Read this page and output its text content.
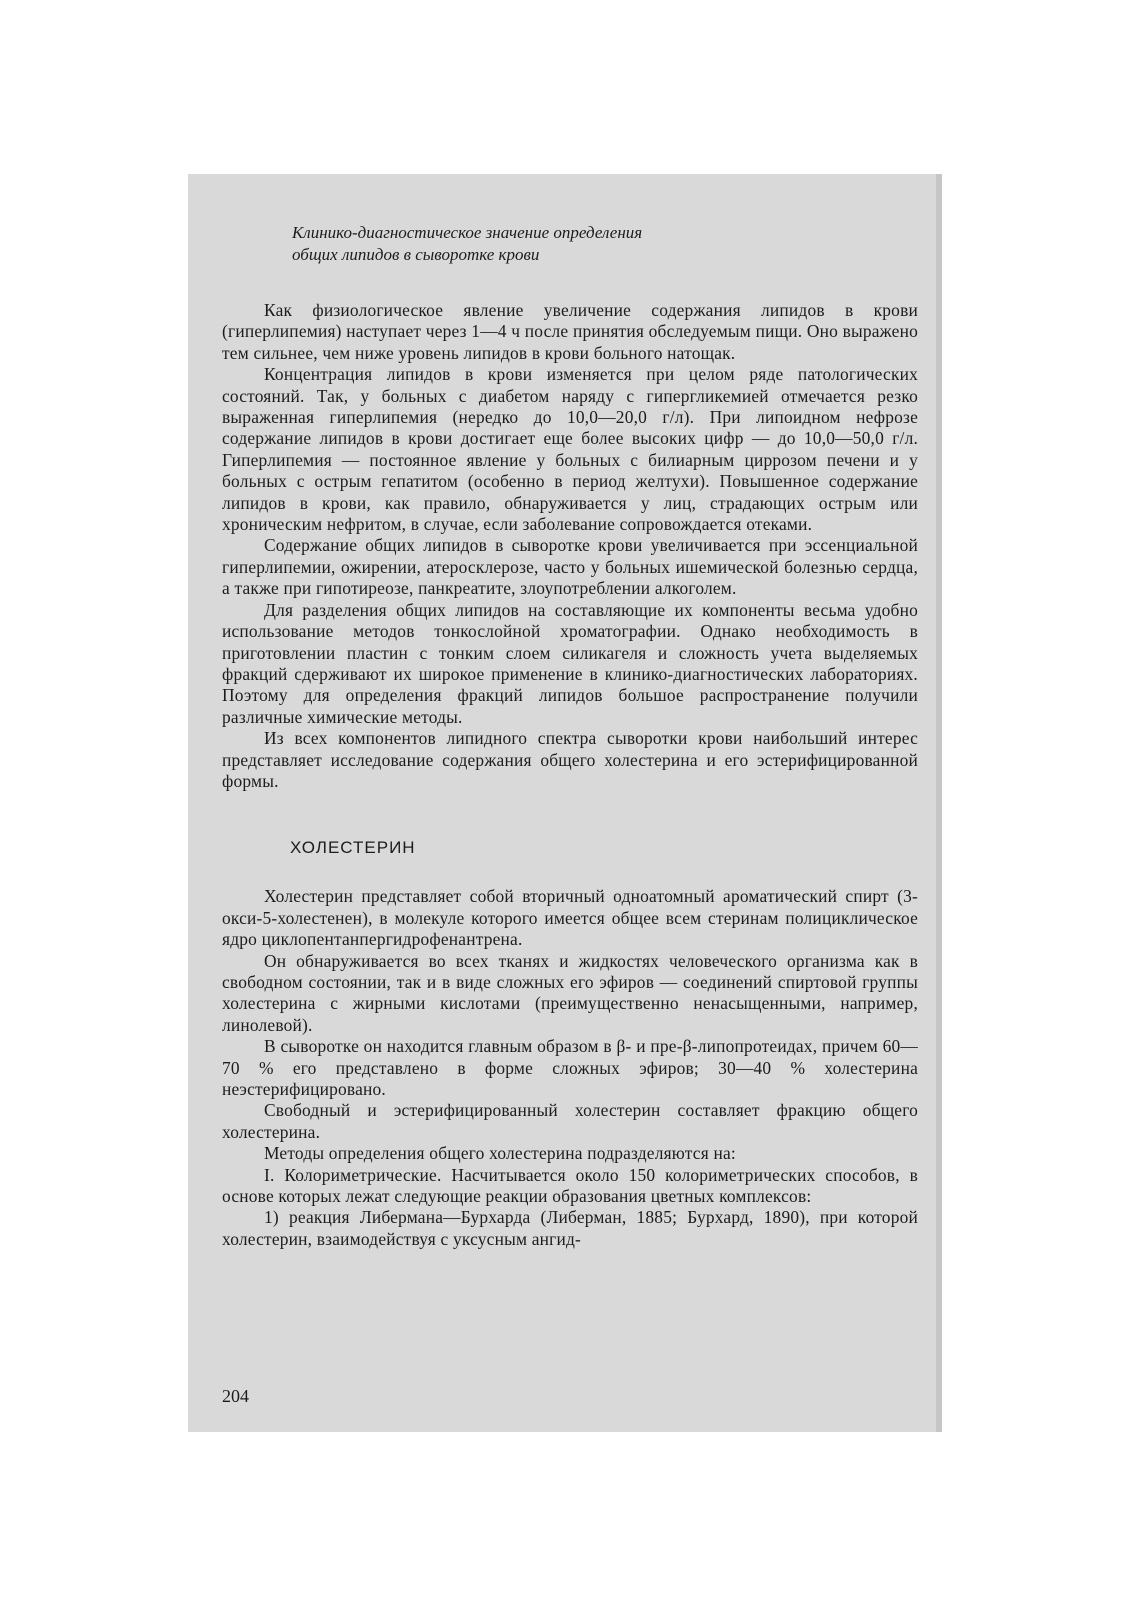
Клинико-диагностическое значение определения
общих липидов в сыворотке крови

Как физиологическое явление увеличение содержания липидов в крови (гиперлипемия) наступает через 1—4 ч после принятия обследуемым пищи. Оно выражено тем сильнее, чем ниже уровень липидов в крови больного натощак.

Концентрация липидов в крови изменяется при целом ряде патологических состояний. Так, у больных с диабетом наряду с гипергликемией отмечается резко выраженная гиперлипемия (нередко до 10,0—20,0 г/л). При липоидном нефрозе содержание липидов в крови достигает еще более высоких цифр — до 10,0—50,0 г/л. Гиперлипемия — постоянное явление у больных с билиарным циррозом печени и у больных с острым гепатитом (особенно в период желтухи). Повышенное содержание липидов в крови, как правило, обнаруживается у лиц, страдающих острым или хроническим нефритом, в случае, если заболевание сопровождается отеками.

Содержание общих липидов в сыворотке крови увеличивается при эссенциальной гиперлипемии, ожирении, атеросклерозе, часто у больных ишемической болезнью сердца, а также при гипотиреозе, панкреатите, злоупотреблении алкоголем.

Для разделения общих липидов на составляющие их компоненты весьма удобно использование методов тонкослойной хроматографии. Однако необходимость в приготовлении пластин с тонким слоем силикагеля и сложность учета выделяемых фракций сдерживают их широкое применение в клинико-диагностических лабораториях. Поэтому для определения фракций липидов большое распространение получили различные химические методы.

Из всех компонентов липидного спектра сыворотки крови наибольший интерес представляет исследование содержания общего холестерина и его эстерифицированной формы.

ХОЛЕСТЕРИН

Холестерин представляет собой вторичный одноатомный ароматический спирт (3-окси-5-холестенен), в молекуле которого имеется общее всем стеринам полициклическое ядро циклопентанпергидрофенантрена.

Он обнаруживается во всех тканях и жидкостях человеческого организма как в свободном состоянии, так и в виде сложных его эфиров — соединений спиртовой группы холестерина с жирными кислотами (преимущественно ненасыщенными, например, линолевой).

В сыворотке он находится главным образом в β- и пре-β-липопротеидах, причем 60—70 % его представлено в форме сложных эфиров; 30—40 % холестерина неэстерифицировано.

Свободный и эстерифицированный холестерин составляет фракцию общего холестерина.

Методы определения общего холестерина подразделяются на:

I. Колориметрические. Насчитывается около 150 колориметрических способов, в основе которых лежат следующие реакции образования цветных комплексов:

1) реакция Либермана—Бурхарда (Либерман, 1885; Бурхард, 1890), при которой холестерин, взаимодействуя с уксусным ангид-

204
